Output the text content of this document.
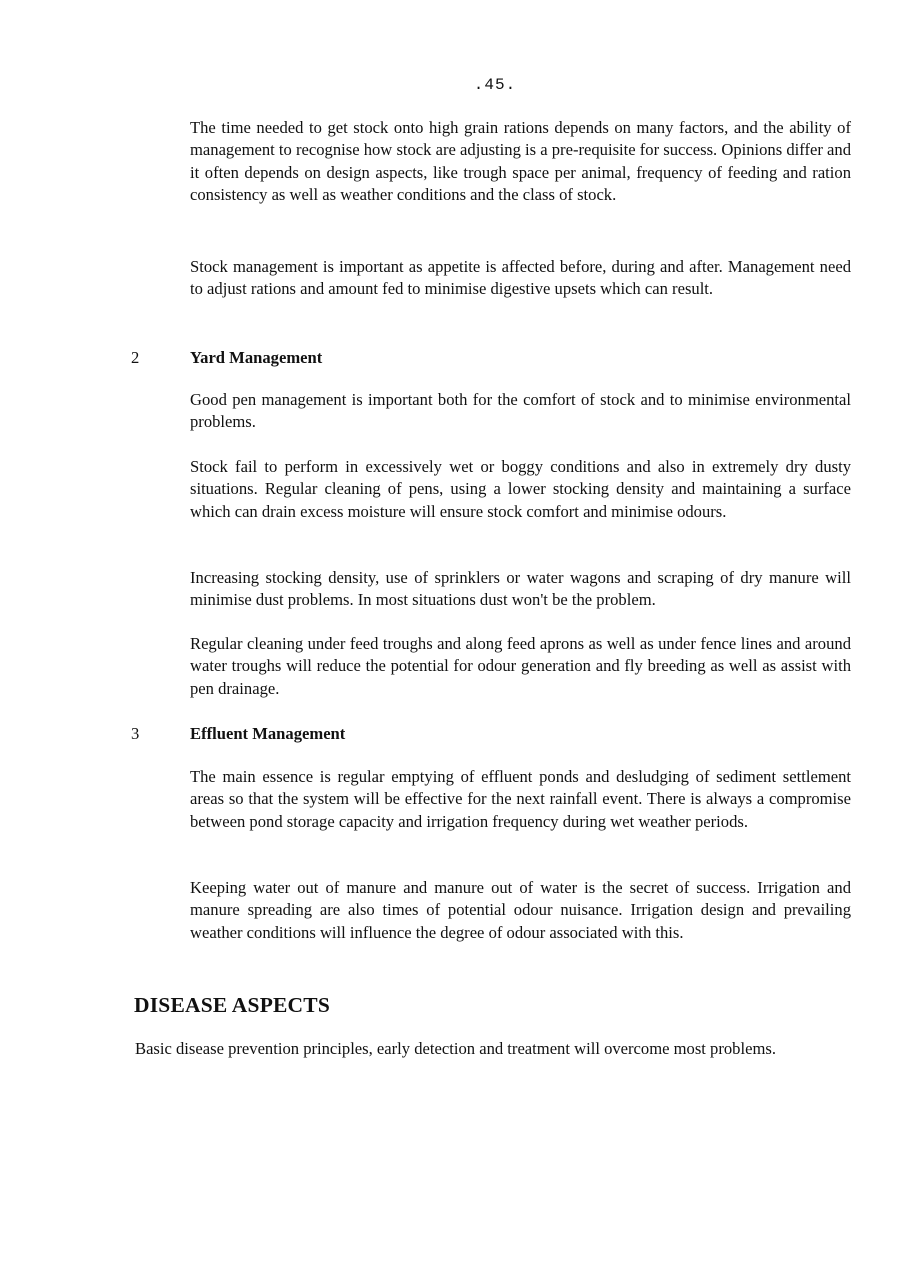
.45.

The time needed to get stock onto high grain rations depends on many factors, and the ability of management to recognise how stock are adjusting is a pre-requisite for success. Opinions differ and it often depends on design aspects, like trough space per animal, frequency of feeding and ration consistency as well as weather conditions and the class of stock.

Stock management is important as appetite is affected before, during and after. Management need to adjust rations and amount fed to minimise digestive upsets which can result.

2	Yard Management

Good pen management is important both for the comfort of stock and to minimise environmental problems.

Stock fail to perform in excessively wet or boggy conditions and also in extremely dry dusty situations. Regular cleaning of pens, using a lower stocking density and maintaining a surface which can drain excess moisture will ensure stock comfort and minimise odours.

Increasing stocking density, use of sprinklers or water wagons and scraping of dry manure will minimise dust problems. In most situations dust won't be the problem.

Regular cleaning under feed troughs and along feed aprons as well as under fence lines and around water troughs will reduce the potential for odour generation and fly breeding as well as assist with pen drainage.

3	Effluent Management

The main essence is regular emptying of effluent ponds and desludging of sediment settlement areas so that the system will be effective for the next rainfall event. There is always a compromise between pond storage capacity and irrigation frequency during wet weather periods.

Keeping water out of manure and manure out of water is the secret of success. Irrigation and manure spreading are also times of potential odour nuisance. Irrigation design and prevailing weather conditions will influence the degree of odour associated with this.

DISEASE ASPECTS

Basic disease prevention principles, early detection and treatment will overcome most problems.
